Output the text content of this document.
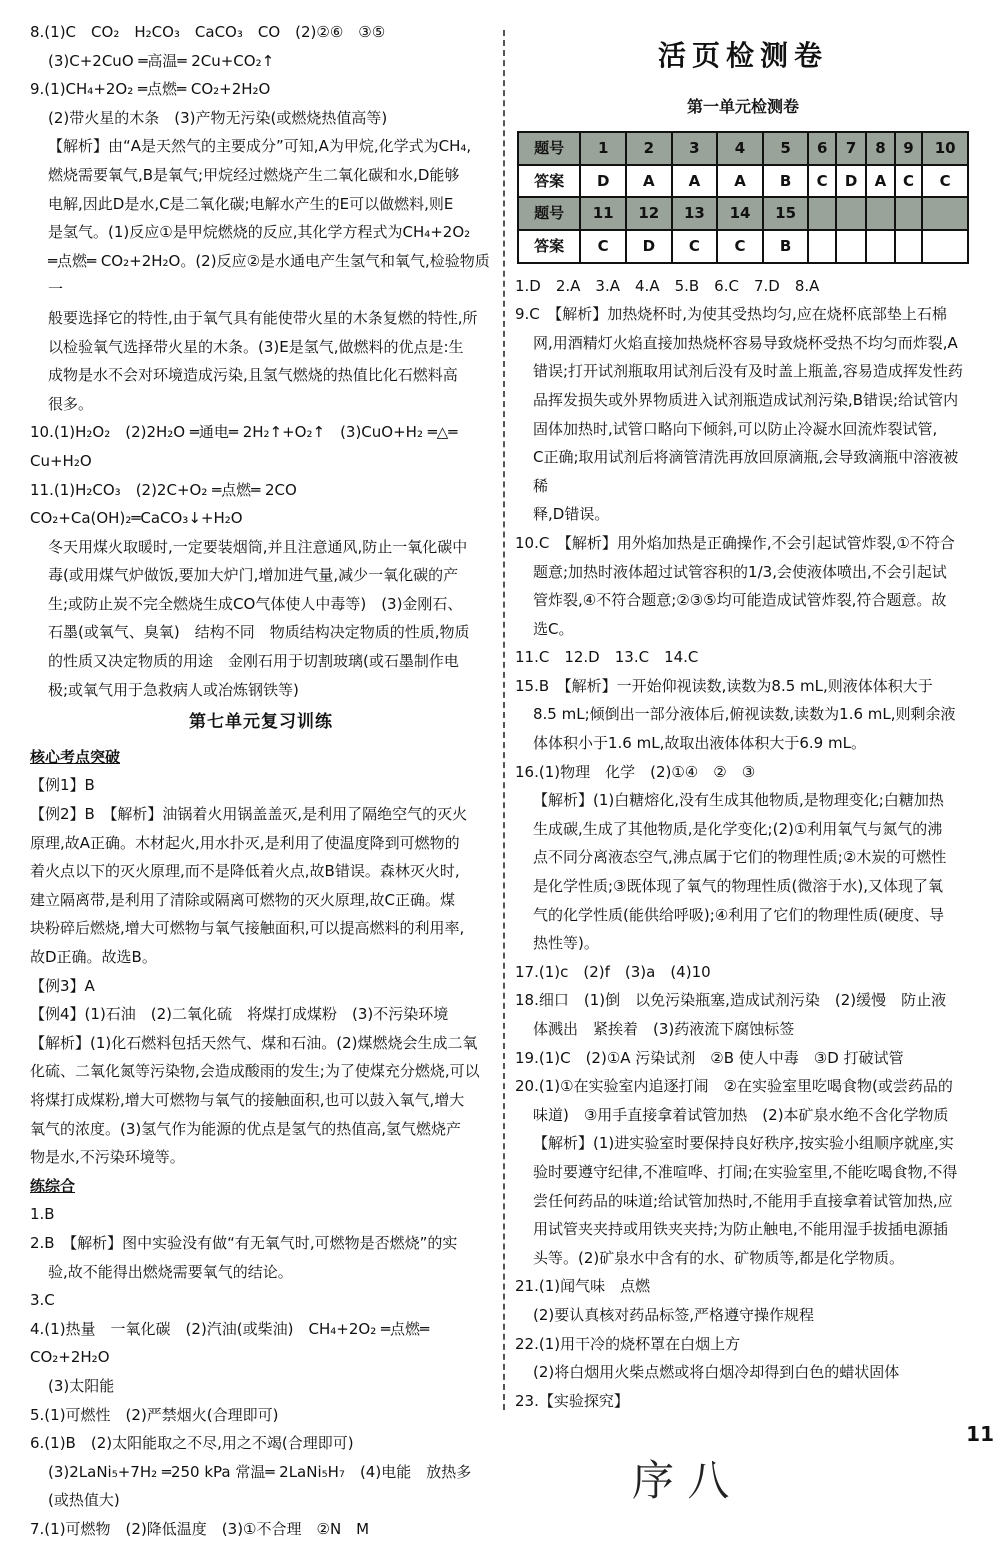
8.(1)C　CO₂　H₂CO₃　CaCO₃　CO　(2)②⑥　③⑤
(3)C+2CuO ═高温═ 2Cu+CO₂↑
9.(1)CH₄+2O₂ ═点燃═ CO₂+2H₂O
(2)带火星的木条　(3)产物无污染(或燃烧热值高等)
【解析】由“A是天然气的主要成分”可知,A为甲烷,化学式为CH₄,
燃烧需要氧气,B是氧气;甲烷经过燃烧产生二氧化碳和水,D能够
电解,因此D是水,C是二氧化碳;电解水产生的E可以做燃料,则E
是氢气。(1)反应①是甲烷燃烧的反应,其化学方程式为CH₄+2O₂
═点燃═ CO₂+2H₂O。(2)反应②是水通电产生氢气和氧气,检验物质一
般要选择它的特性,由于氧气具有能使带火星的木条复燃的特性,所
以检验氧气选择带火星的木条。(3)E是氢气,做燃料的优点是:生
成物是水不会对环境造成污染,且氢气燃烧的热值比化石燃料高
很多。
10.(1)H₂O₂　(2)2H₂O ═通电═ 2H₂↑+O₂↑　(3)CuO+H₂ ═△═ Cu+H₂O
11.(1)H₂CO₃　(2)2C+O₂ ═点燃═ 2CO　CO₂+Ca(OH)₂═CaCO₃↓+H₂O
冬天用煤火取暖时,一定要装烟筒,并且注意通风,防止一氧化碳中
毒(或用煤气炉做饭,要加大炉门,增加进气量,减少一氧化碳的产
生;或防止炭不完全燃烧生成CO气体使人中毒等)　(3)金刚石、
石墨(或氧气、臭氧)　结构不同　物质结构决定物质的性质,物质
的性质又决定物质的用途　金刚石用于切割玻璃(或石墨制作电
极;或氧气用于急救病人或冶炼钢铁等)
第七单元复习训练
核心考点突破
【例1】B
【例2】B　【解析】油锅着火用锅盖盖灭,是利用了隔绝空气的灭火
原理,故A正确。木材起火,用水扑灭,是利用了使温度降到可燃物的
着火点以下的灭火原理,而不是降低着火点,故B错误。森林灭火时,
建立隔离带,是利用了清除或隔离可燃物的灭火原理,故C正确。煤
块粉碎后燃烧,增大可燃物与氧气接触面积,可以提高燃料的利用率,
故D正确。故选B。
【例3】A
【例4】(1)石油　(2)二氧化硫　将煤打成煤粉　(3)不污染环境
【解析】(1)化石燃料包括天然气、煤和石油。(2)煤燃烧会生成二氧
化硫、二氧化氮等污染物,会造成酸雨的发生;为了使煤充分燃烧,可以
将煤打成煤粉,增大可燃物与氧气的接触面积,也可以鼓入氧气,增大
氧气的浓度。(3)氢气作为能源的优点是氢气的热值高,氢气燃烧产
物是水,不污染环境等。
练综合
1.B
2.B　【解析】图中实验没有做“有无氧气时,可燃物是否燃烧”的实
验,故不能得出燃烧需要氧气的结论。
3.C
4.(1)热量　一氧化碳　(2)汽油(或柴油)　CH₄+2O₂ ═点燃═ CO₂+2H₂O
(3)太阳能
5.(1)可燃性　(2)严禁烟火(合理即可)
6.(1)B　(2)太阳能取之不尽,用之不竭(合理即可)
(3)2LaNi₅+7H₂ ═250 kPa 常温═ 2LaNi₅H₇　(4)电能　放热多(或热值大)
7.(1)可燃物　(2)降低温度　(3)①不合理　②N　M
活页检测卷
第一单元检测卷
题号	1	2	3	4	5	6	7	8	9	10
答案	D	A	A	A	B	C	D	A	C	C
题号	11	12	13	14	15					
答案	C	D	C	C	B					
1.D　2.A　3.A　4.A　5.B　6.C　7.D　8.A
9.C　【解析】加热烧杯时,为使其受热均匀,应在烧杯底部垫上石棉
网,用酒精灯火焰直接加热烧杯容易导致烧杯受热不均匀而炸裂,A
错误;打开试剂瓶取用试剂后没有及时盖上瓶盖,容易造成挥发性药
品挥发损失或外界物质进入试剂瓶造成试剂污染,B错误;给试管内
固体加热时,试管口略向下倾斜,可以防止冷凝水回流炸裂试管,
C正确;取用试剂后将滴管清洗再放回原滴瓶,会导致滴瓶中溶液被稀
释,D错误。
10.C　【解析】用外焰加热是正确操作,不会引起试管炸裂,①不符合
题意;加热时液体超过试管容积的1/3,会使液体喷出,不会引起试
管炸裂,④不符合题意;②③⑤均可能造成试管炸裂,符合题意。故
选C。
11.C　12.D　13.C　14.C
15.B　【解析】一开始仰视读数,读数为8.5 mL,则液体体积大于
8.5 mL;倾倒出一部分液体后,俯视读数,读数为1.6 mL,则剩余液
体体积小于1.6 mL,故取出液体体积大于6.9 mL。
16.(1)物理　化学　(2)①④　②　③
【解析】(1)白糖熔化,没有生成其他物质,是物理变化;白糖加热
生成碳,生成了其他物质,是化学变化;(2)①利用氧气与氮气的沸
点不同分离液态空气,沸点属于它们的物理性质;②木炭的可燃性
是化学性质;③既体现了氧气的物理性质(微溶于水),又体现了氧
气的化学性质(能供给呼吸);④利用了它们的物理性质(硬度、导
热性等)。
17.(1)c　(2)f　(3)a　(4)10
18.细口　(1)倒　以免污染瓶塞,造成试剂污染　(2)缓慢　防止液
体溅出　紧挨着　(3)药液流下腐蚀标签
19.(1)C　(2)①A 污染试剂　②B 使人中毒　③D 打破试管
20.(1)①在实验室内追逐打闹　②在实验室里吃喝食物(或尝药品的
味道)　③用手直接拿着试管加热　(2)本矿泉水绝不含化学物质
【解析】(1)进实验室时要保持良好秩序,按实验小组顺序就座,实
验时要遵守纪律,不准喧哗、打闹;在实验室里,不能吃喝食物,不得
尝任何药品的味道;给试管加热时,不能用手直接拿着试管加热,应
用试管夹夹持或用铁夹夹持;为防止触电,不能用湿手拔插电源插
头等。(2)矿泉水中含有的水、矿物质等,都是化学物质。
21.(1)闻气味　点燃
(2)要认真核对药品标签,严格遵守操作规程
22.(1)用干冷的烧杯罩在白烟上方
(2)将白烟用火柴点燃或将白烟冷却得到白色的蜡状固体
23.【实验探究】
11
序 八
